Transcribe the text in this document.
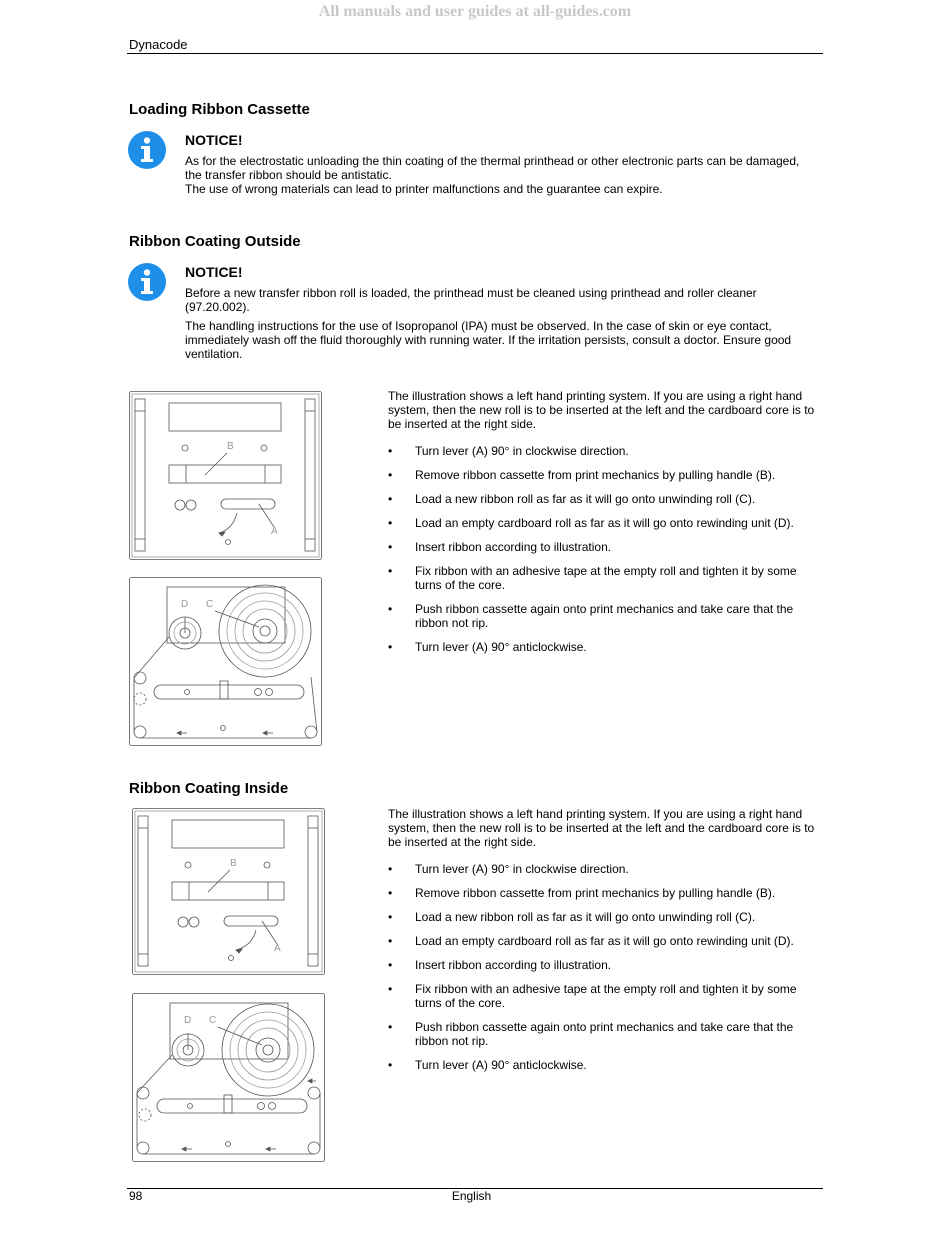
All manuals and user guides at all-guides.com
Dynacode
Loading Ribbon Cassette
NOTICE!
As for the electrostatic unloading the thin coating of the thermal printhead or other electronic parts can be damaged, the transfer ribbon should be antistatic.
The use of wrong materials can lead to printer malfunctions and the guarantee can expire.
Ribbon Coating Outside
NOTICE!
Before a new transfer ribbon roll is loaded, the printhead must be cleaned using printhead and roller cleaner (97.20.002).
The handling instructions for the use of Isopropanol (IPA) must be observed. In the case of skin or eye contact, immediately wash off the fluid thoroughly with running water. If the irritation persists, consult a doctor. Ensure good ventilation.
B
A
D C
The illustration shows a left hand printing system. If you are using a right hand system, then the new roll is to be inserted at the left and the cardboard core is to be inserted at the right side.
• Turn lever (A) 90° in clockwise direction.
• Remove ribbon cassette from print mechanics by pulling handle (B).
• Load a new ribbon roll as far as it will go onto unwinding roll (C).
• Load an empty cardboard roll as far as it will go onto rewinding unit (D).
• Insert ribbon according to illustration.
• Fix ribbon with an adhesive tape at the empty roll and tighten it by some turns of the core.
• Push ribbon cassette again onto print mechanics and take care that the ribbon not rip.
• Turn lever (A) 90° anticlockwise.
Ribbon Coating Inside
B
A
D C
The illustration shows a left hand printing system. If you are using a right hand system, then the new roll is to be inserted at the left and the cardboard core is to be inserted at the right side.
• Turn lever (A) 90° in clockwise direction.
• Remove ribbon cassette from print mechanics by pulling handle (B).
• Load a new ribbon roll as far as it will go onto unwinding roll (C).
• Load an empty cardboard roll as far as it will go onto rewinding unit (D).
• Insert ribbon according to illustration.
• Fix ribbon with an adhesive tape at the empty roll and tighten it by some turns of the core.
• Push ribbon cassette again onto print mechanics and take care that the ribbon not rip.
• Turn lever (A) 90° anticlockwise.
98	English
